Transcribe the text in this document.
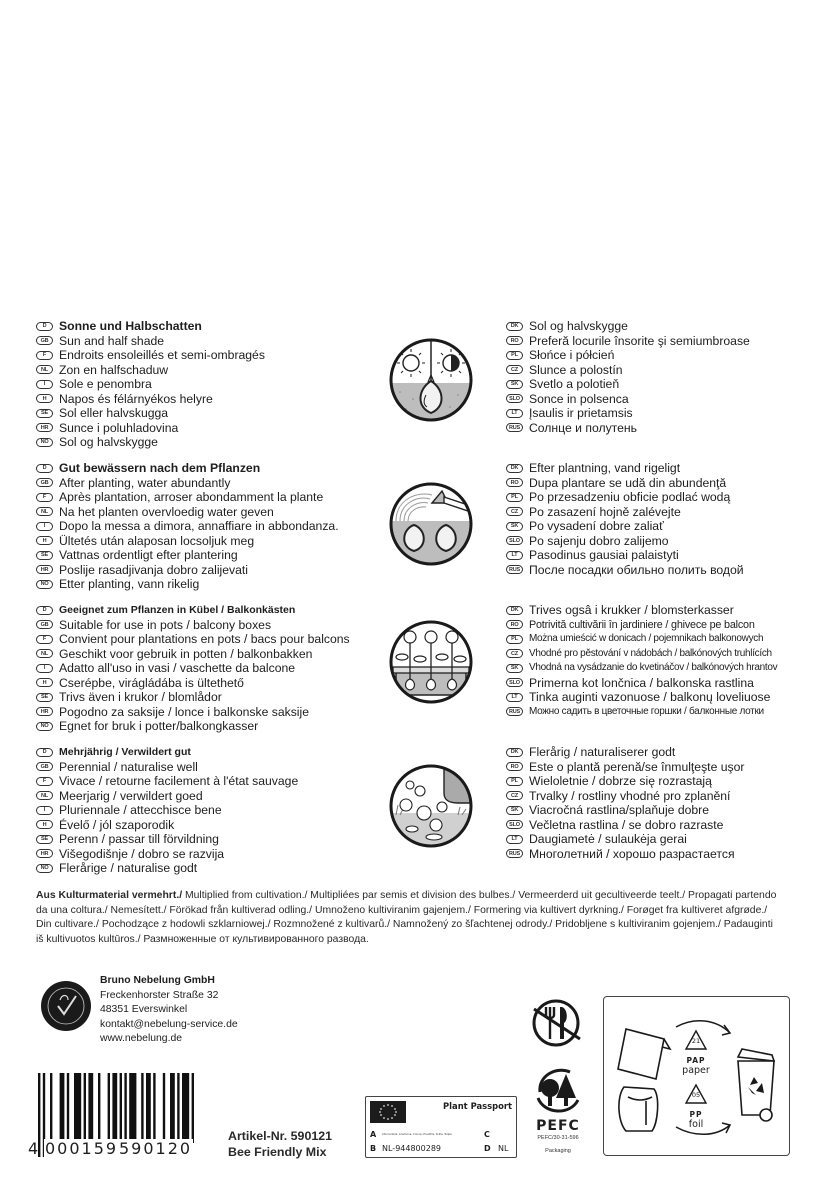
D	Sonne und Halbschatten
GB Sun and half shade
F	Endroits ensoleillés et semi-ombragés
NL Zon en halfschaduw
I	Sole e penombra
H	Napos és félárnyékos helyre
SE Sol eller halvskugga
HR Sunce i poluhladovina
NO Sol og halvskygge
DK Sol og halvskygge
RO Preferă locurile însorite şi semiumbroase
PL Słońce i półcień
CZ Slunce a polostín
SK Svetlo a polotieň
SLO Sonce in polsenca
LT Įsaulis ir prietamsis
RUS Солнце и полутень
D	Gut bewässern nach dem Pflanzen
GB After planting, water abundantly
F	Après plantation, arroser abondamment la plante
NL Na het planten overvloedig water geven
I	Dopo la messa a dimora, annaffiare in abbondanza.
H	Ültetés után alaposan locsoljuk meg
SE Vattnas ordentligt efter plantering
HR Poslije rasadjivanja dobro zalijevati
NO Etter planting, vann rikelig
DK Efter plantning, vand rigeligt
RO Dupa plantare se udă din abundenţă
PL Po przesadzeniu obficie podlać wodą
CZ Po zasazení hojně zalévejte
SK Po vysadení dobre zaliať
SLO Po sajenju dobro zalijemo
LT Pasodinus gausiai palaistyti
RUS После посадки обильно полить водой
D	Geeignet zum Pflanzen in Kübel / Balkonkästen
GB Suitable for use in pots / balcony boxes
F	Convient pour plantations en pots / bacs pour balcons
NL Geschikt voor gebruik in potten / balkonbakken
I	Adatto all'uso in vasi / vaschette da balcone
H	Cserépbe, virágládába is ültethető
SE Trivs även i krukor / blomlådor
HR Pogodno za saksije / lonce i balkonske saksije
NO Egnet for bruk i potter/balkongkasser
DK Trives ogsâ i krukker / blomsterkasser
RO Potrivită cultivării în jardiniere / ghivece pe balcon
PL	Można umieścić w donicach / pojemnikach balkonowych
CZ	Vhodné pro pěstování v nádobách / balkónových truhlících
SK	Vhodná na vysádzanie do kvetináčov / balkónových hrantov
SLO Primerna kot lončnica / balkonska rastlina
LT Tinka auginti vazonuose / balkonų loveliuose
RUS Можно садить в цветочные горшки / балконные лотки
D	Mehrjährig / Verwildert gut
GB Perennial / naturalise well
F	Vivace / retourne facilement à l'état sauvage
NL Meerjarig / verwildert goed
I	Pluriennale / attecchisce bene
H	Évelő / jól szaporodik
SE Perenn / passar till förvildning
HR Višegodišnje / dobro se razvija
NO Flerårige / naturalise godt
DK Flerårig / naturaliserer godt
RO Este o plantă perenă/se înmulţeşte uşor
PL Wieloletnie / dobrze się rozrastają
CZ Trvalky / rostliny vhodné pro zplanění
SK Viacročná rastlina/splaňuje dobre
SLO Večletna rastlina / se dobro razraste
LT Daugiametė / sulaukėja gerai
RUS Многолетний / хорошо разрастается
Aus Kulturmaterial vermehrt./ Multiplied from cultivation./ Multipliées par semis et division des bulbes./ Vermeerderd uit gecultiveerde teelt./ Propagati partendo da una coltura./ Nemesített./ Förökad från kultiverad odling./ Umnoženo kultiviranim gajenjem./ Formering via kultivert dyrkning./ Forøget fra kultiveret afgrøde./ Din cultivare./ Pochodzące z hodowli szklarniowej./ Rozmnožené z kultivarů./ Namnožený zo šľachtenej odrody./ Pridobljene s kultiviranim gojenjem./ Padauginti iš kultivuotos kultūros./ Размноженные от культивированного развода.
Bruno Nebelung GmbH
Freckenhorster Straße 32
48351 Everswinkel
kontakt@nebelung-service.de
www.nebelung.de
4 000159 590120
Artikel-Nr. 590121
Bee Friendly Mix
Plant Passport
A Chionodoxa, Anemone, Crocus, Eranthis, Scilla, Tulipa	C
B NL-944800289	D NL
PEFC
PEFC/30-31-596
Packaging
21
PAP
paper
05
PP
foil
